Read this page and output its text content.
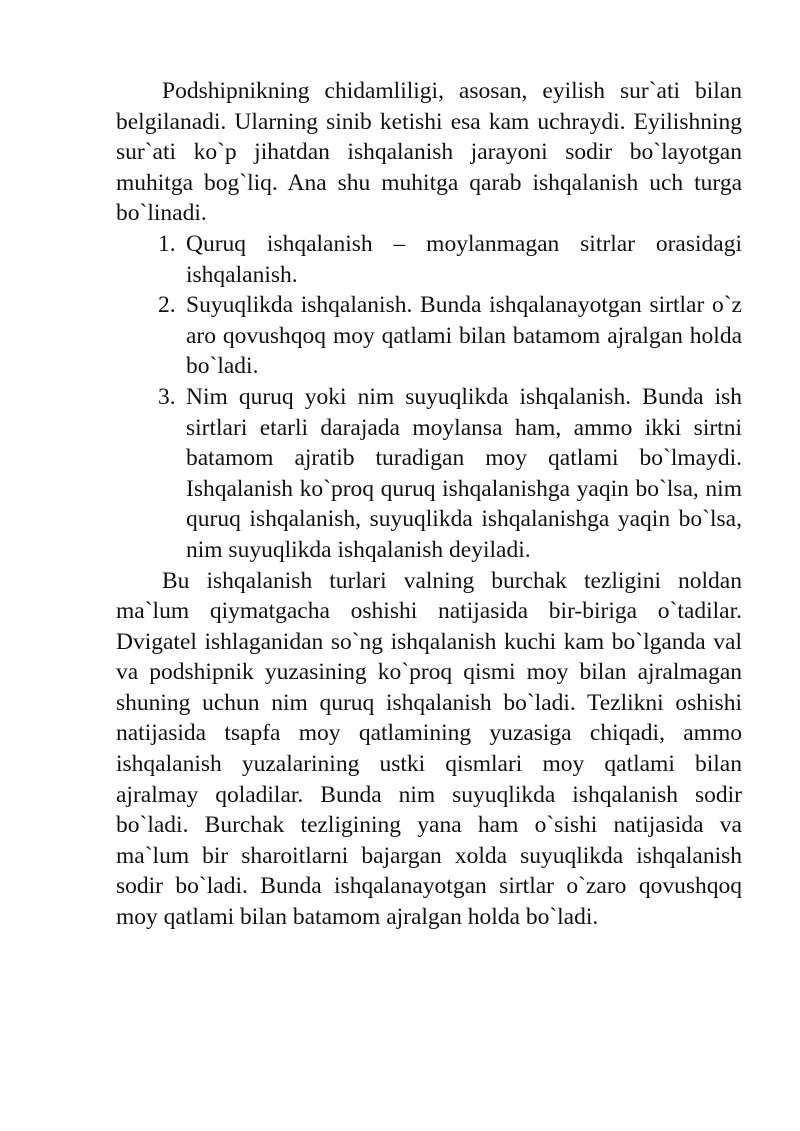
Podshipnikning chidamliligi, asosan, eyilish sur`ati bilan belgilanadi. Ularning sinib ketishi esa kam uchraydi. Eyilishning sur`ati ko`p jihatdan ishqalanish jarayoni sodir bo`layotgan muhitga bog`liq. Ana shu muhitga qarab ishqalanish uch turga bo`linadi.

1. Quruq ishqalanish – moylanmagan sitrlar orasidagi ishqalanish.
2. Suyuqlikda ishqalanish. Bunda ishqalanayotgan sirtlar o`z aro qovushqoq moy qatlami bilan batamom ajralgan holda bo`ladi.
3. Nim quruq yoki nim suyuqlikda ishqalanish. Bunda ish sirtlari etarli darajada moylansa ham, ammo ikki sirtni batamom ajratib turadigan moy qatlami bo`lmaydi. Ishqalanish ko`proq quruq ishqalanishga yaqin bo`lsa, nim quruq ishqalanish, suyuqlikda ishqalanishga yaqin bo`lsa, nim suyuqlikda ishqalanish deyiladi.

Bu ishqalanish turlari valning burchak tezligini noldan ma`lum qiymatgacha oshishi natijasida bir-biriga o`tadilar. Dvigatel ishlaganidan so`ng ishqalanish kuchi kam bo`lganda val va podshipnik yuzasining ko`proq qismi moy bilan ajralmagan shuning uchun nim quruq ishqalanish bo`ladi. Tezlikni oshishi natijasida tsapfa moy qatlamining yuzasiga chiqadi, ammo ishqalanish yuzalarining ustki qismlari moy qatlami bilan ajralmay qoladilar. Bunda nim suyuqlikda ishqalanish sodir bo`ladi. Burchak tezligining yana ham o`sishi natijasida va ma`lum bir sharoitlarni bajargan xolda suyuqlikda ishqalanish sodir bo`ladi. Bunda ishqalanayotgan sirtlar o`zaro qovushqoq moy qatlami bilan batamom ajralgan holda bo`ladi.
